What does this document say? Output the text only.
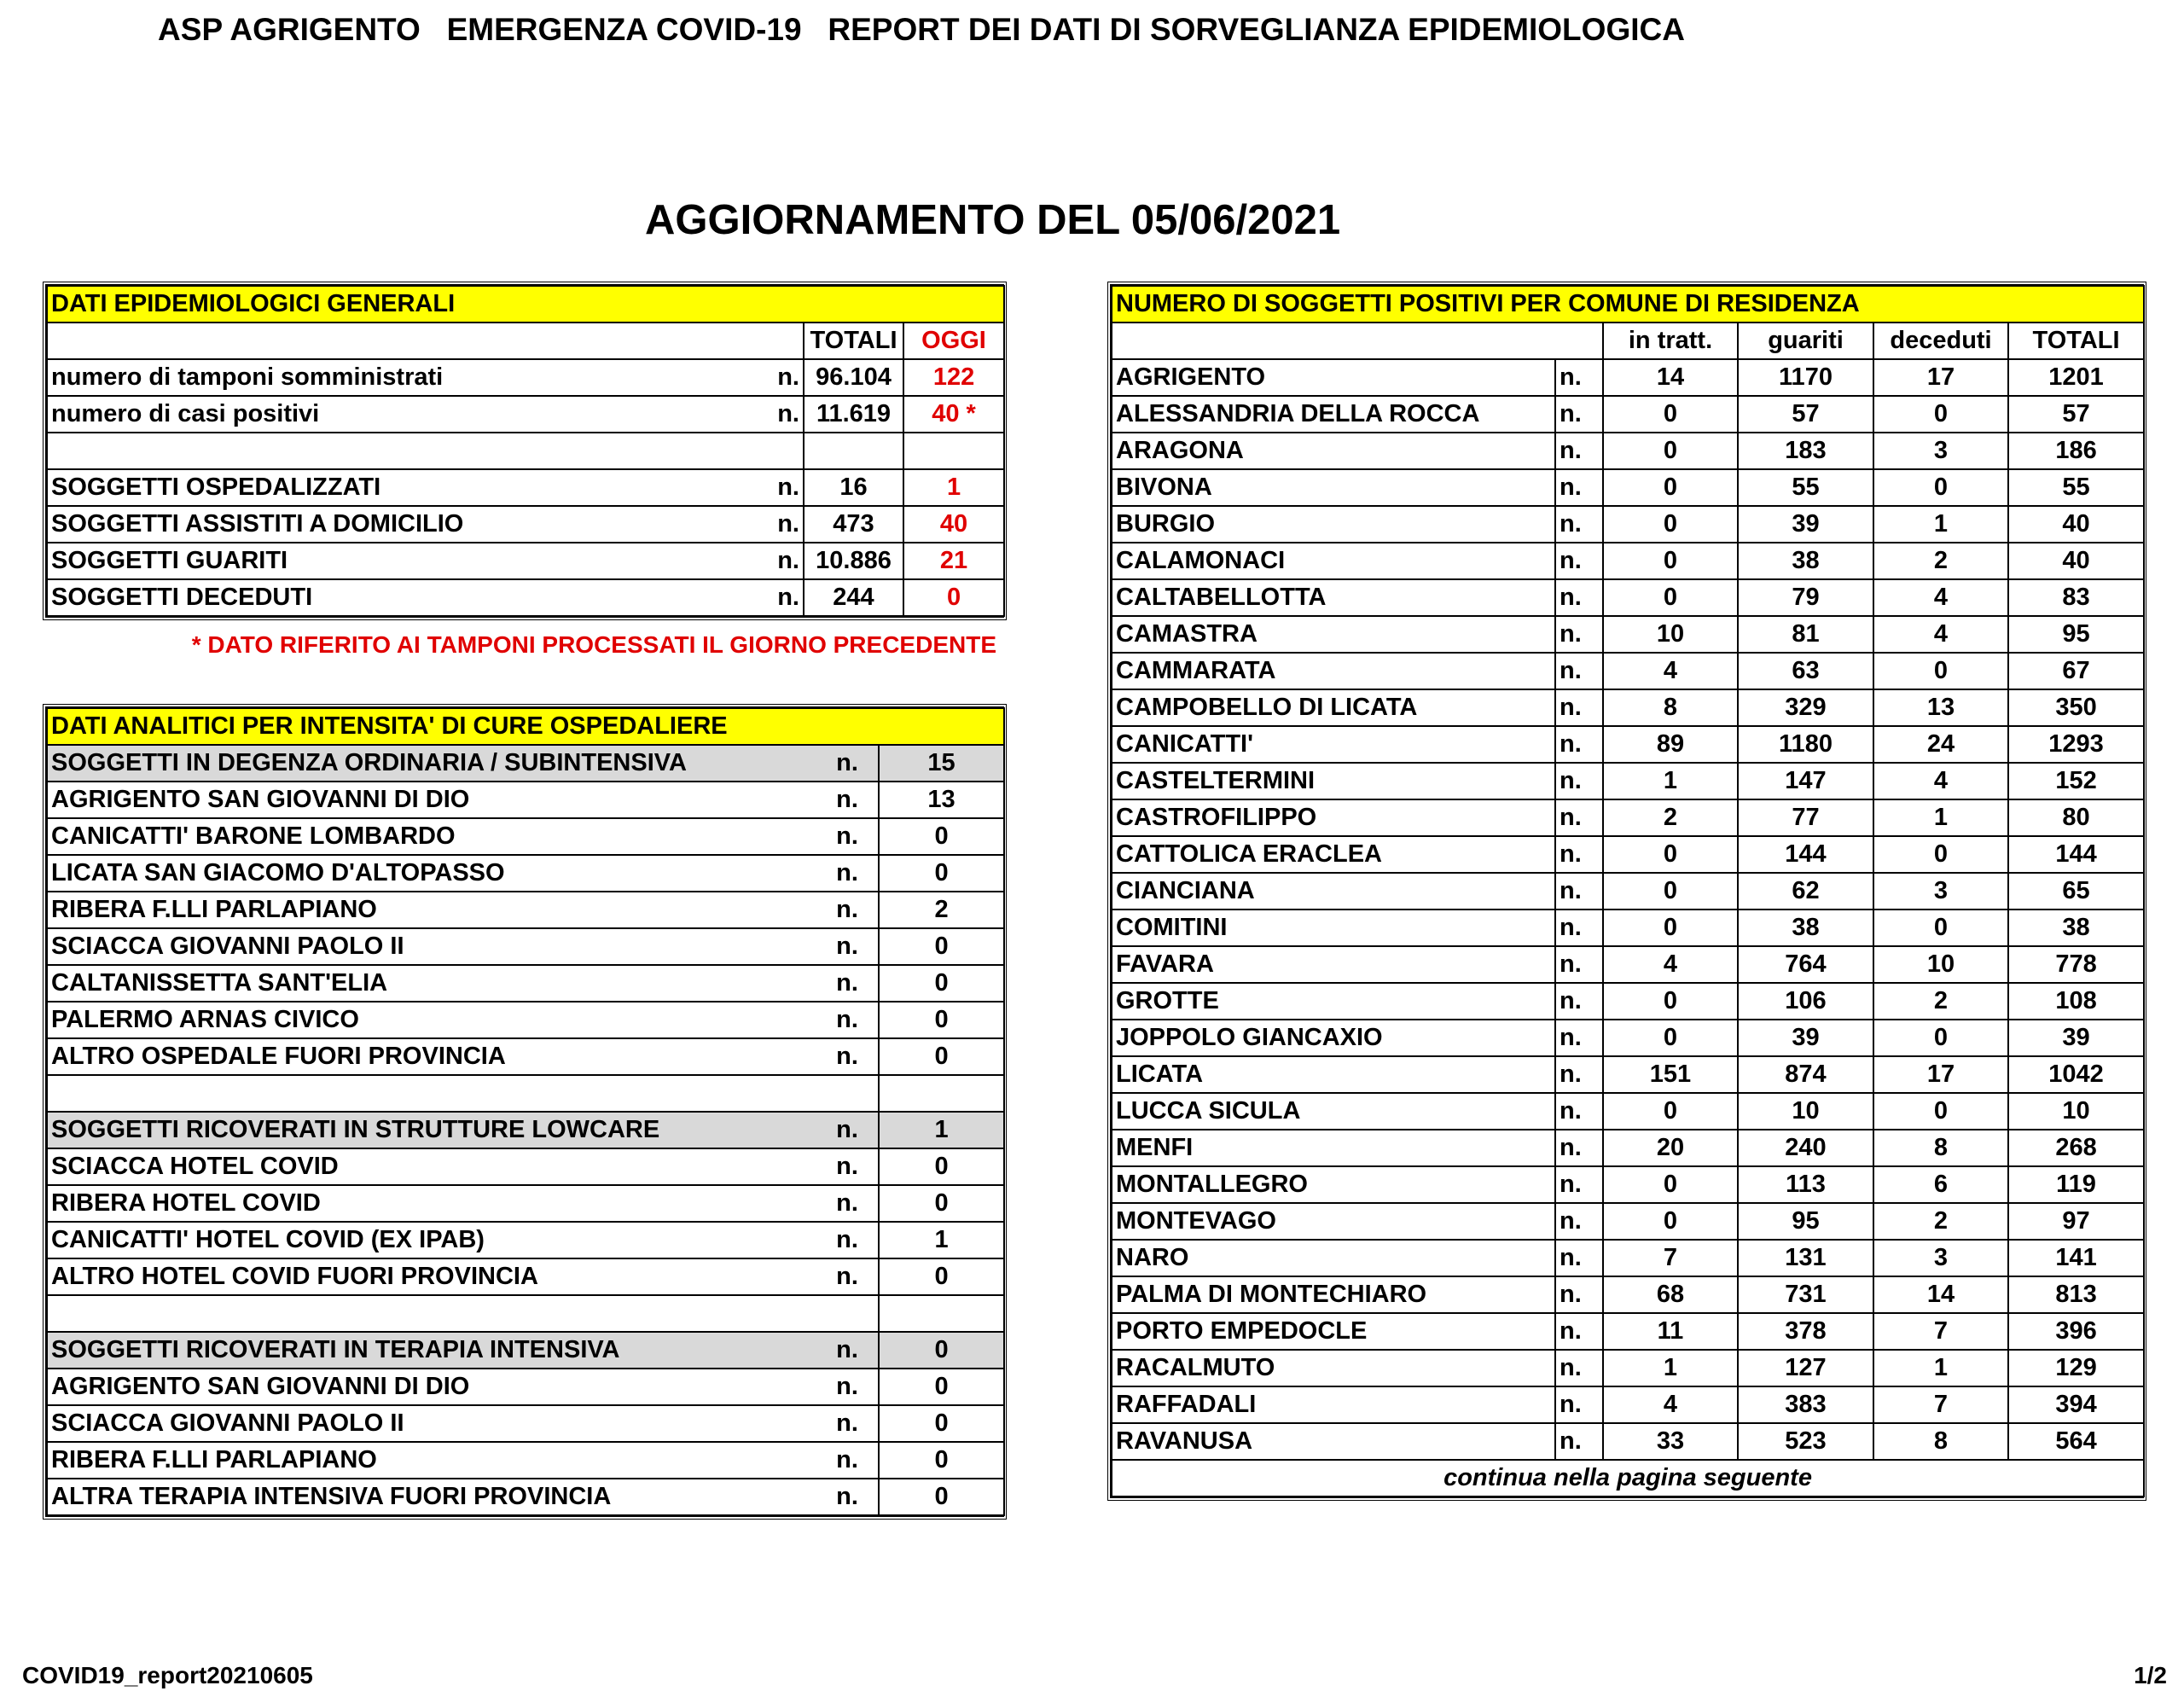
ASP AGRIGENTO   EMERGENZA COVID-19   REPORT DEI DATI DI SORVEGLIANZA EPIDEMIOLOGICA
AGGIORNAMENTO DEL 05/06/2021
DATI EPIDEMIOLOGICI GENERALI			
		TOTALI	OGGI
numero di tamponi somministrati	n.	96.104	122
numero di casi positivi	n.	11.619	40 *

SOGGETTI OSPEDALIZZATI	n.	16	1
SOGGETTI ASSISTITI A DOMICILIO	n.	473	40
SOGGETTI GUARITI	n.	10.886	21
SOGGETTI DECEDUTI	n.	244	0
* DATO RIFERITO AI TAMPONI PROCESSATI IL GIORNO PRECEDENTE
DATI ANALITICI PER INTENSITA' DI CURE OSPEDALIERE		
SOGGETTI IN DEGENZA ORDINARIA / SUBINTENSIVA	n.	15
AGRIGENTO SAN GIOVANNI DI DIO	n.	13
CANICATTI' BARONE LOMBARDO	n.	0
LICATA SAN GIACOMO D'ALTOPASSO	n.	0
RIBERA F.LLI PARLAPIANO	n.	2
SCIACCA GIOVANNI PAOLO II	n.	0
CALTANISSETTA SANT'ELIA	n.	0
PALERMO ARNAS CIVICO	n.	0
ALTRO OSPEDALE FUORI PROVINCIA	n.	0

SOGGETTI RICOVERATI IN STRUTTURE LOWCARE	n.	1
SCIACCA HOTEL COVID	n.	0
RIBERA HOTEL COVID	n.	0
CANICATTI' HOTEL COVID (EX IPAB)	n.	1
ALTRO HOTEL COVID FUORI PROVINCIA	n.	0

SOGGETTI RICOVERATI IN TERAPIA INTENSIVA	n.	0
AGRIGENTO SAN GIOVANNI DI DIO	n.	0
SCIACCA GIOVANNI PAOLO II	n.	0
RIBERA F.LLI PARLAPIANO	n.	0
ALTRA TERAPIA INTENSIVA FUORI PROVINCIA	n.	0
NUMERO DI SOGGETTI POSITIVI PER COMUNE DI RESIDENZA					
		in tratt.	guariti	deceduti	TOTALI
AGRIGENTO	n.	14	1170	17	1201
ALESSANDRIA DELLA ROCCA	n.	0	57	0	57
ARAGONA	n.	0	183	3	186
BIVONA	n.	0	55	0	55
BURGIO	n.	0	39	1	40
CALAMONACI	n.	0	38	2	40
CALTABELLOTTA	n.	0	79	4	83
CAMASTRA	n.	10	81	4	95
CAMMARATA	n.	4	63	0	67
CAMPOBELLO DI LICATA	n.	8	329	13	350
CANICATTI'	n.	89	1180	24	1293
CASTELTERMINI	n.	1	147	4	152
CASTROFILIPPO	n.	2	77	1	80
CATTOLICA ERACLEA	n.	0	144	0	144
CIANCIANA	n.	0	62	3	65
COMITINI	n.	0	38	0	38
FAVARA	n.	4	764	10	778
GROTTE	n.	0	106	2	108
JOPPOLO GIANCAXIO	n.	0	39	0	39
LICATA	n.	151	874	17	1042
LUCCA SICULA	n.	0	10	0	10
MENFI	n.	20	240	8	268
MONTALLEGRO	n.	0	113	6	119
MONTEVAGO	n.	0	95	2	97
NARO	n.	7	131	3	141
PALMA DI MONTECHIARO	n.	68	731	14	813
PORTO EMPEDOCLE	n.	11	378	7	396
RACALMUTO	n.	1	127	1	129
RAFFADALI	n.	4	383	7	394
RAVANUSA	n.	33	523	8	564
continua nella pagina seguente					
COVID19_report20210605	1/2
